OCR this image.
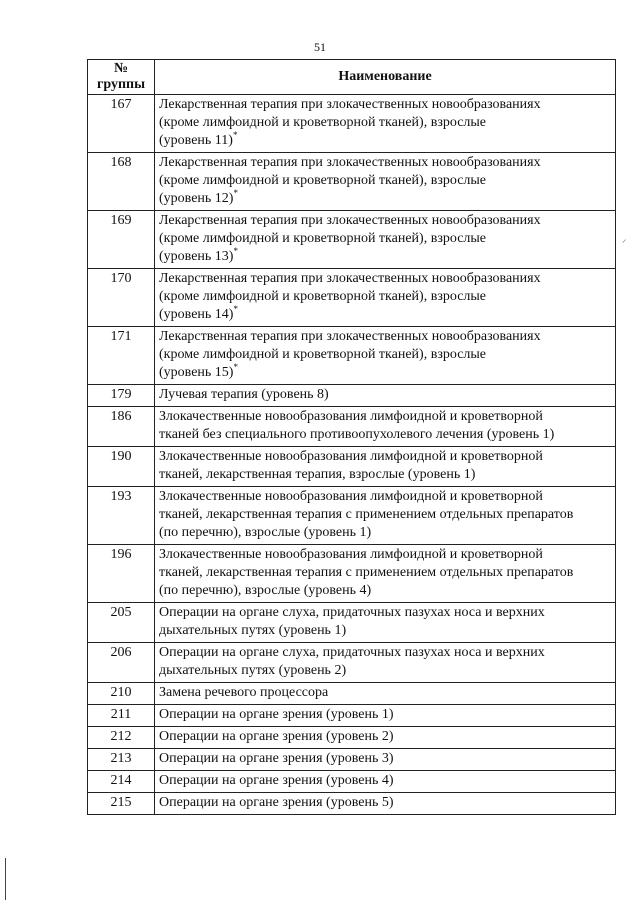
51
№
группы	Наименование
167	Лекарственная терапия при злокачественных новообразованиях
(кроме лимфоидной и кроветворной тканей), взрослые
(уровень 11)*

168	Лекарственная терапия при злокачественных новообразованиях
(кроме лимфоидной и кроветворной тканей), взрослые
(уровень 12)*

169	Лекарственная терапия при злокачественных новообразованиях
(кроме лимфоидной и кроветворной тканей), взрослые
(уровень 13)*

170	Лекарственная терапия при злокачественных новообразованиях
(кроме лимфоидной и кроветворной тканей), взрослые
(уровень 14)*

171	Лекарственная терапия при злокачественных новообразованиях
(кроме лимфоидной и кроветворной тканей), взрослые
(уровень 15)*

179	Лучевая терапия (уровень 8)

186	Злокачественные новообразования лимфоидной и кроветворной
тканей без специального противоопухолевого лечения (уровень 1)

190	Злокачественные новообразования лимфоидной и кроветворной
тканей, лекарственная терапия, взрослые (уровень 1)

193	Злокачественные новообразования лимфоидной и кроветворной
тканей, лекарственная терапия с применением отдельных препаратов
(по перечню), взрослые (уровень 1)

196	Злокачественные новообразования лимфоидной и кроветворной
тканей, лекарственная терапия с применением отдельных препаратов
(по перечню), взрослые (уровень 4)

205	Операции на органе слуха, придаточных пазухах носа и верхних
дыхательных путях (уровень 1)

206	Операции на органе слуха, придаточных пазухах носа и верхних
дыхательных путях (уровень 2)

210	Замена речевого процессора

211	Операции на органе зрения (уровень 1)

212	Операции на органе зрения (уровень 2)

213	Операции на органе зрения (уровень 3)

214	Операции на органе зрения (уровень 4)

215	Операции на органе зрения (уровень 5)
⸝
